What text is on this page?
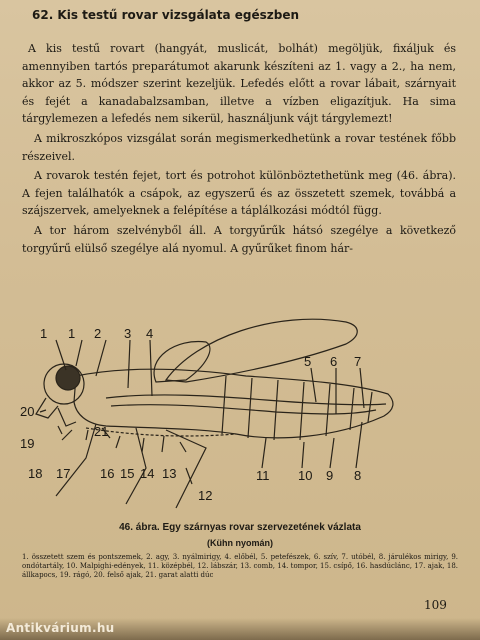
62. Kis testű rovar vizsgálata egészben

A kis testű rovart (hangyát, muslicát, bolhát) megöljük, fixáljuk és amennyiben tartós preparátumot akarunk készíteni az 1. vagy a 2., ha nem, akkor az 5. módszer szerint kezeljük. Lefedés előtt a rovar lábait, szárnyait és fejét a kanadabalzsamban, illetve a vízben eligazítjuk. Ha sima tárgylemezen a lefedés nem sikerül, használjunk vájt tárgylemezt!

A mikroszkópos vizsgálat során megismerkedhetünk a rovar testének főbb részeivel.

A rovarok testén fejet, tort és potrohot különböztethetünk meg (46. ábra). A fejen találhatók a csápok, az egyszerű és az összetett szemek, továbbá a szájszervek, amelyeknek a felépítése a táplálkozási módtól függ.

A tor három szelvényből áll. A torgyűrűk hátsó szegélye a következő torgyűrű elülső szegélye alá nyomul. A gyűrűket finom hár-

1 1 2 3 4
5 6 7
20
19
21
18 17 16 15 14 13
12
11 10 9 8
46. ábra. Egy szárnyas rovar szervezetének vázlata
(Kühn nyomán)
1. összetett szem és pontszemek, 2. agy, 3. nyálmirigy, 4. előbél, 5. petefészek, 6. szív, 7. utóbél, 8. járulékos mirigy, 9. ondótartály, 10. Malpighi-edények, 11. középbél, 12. lábszár, 13. comb, 14. tompor, 15. csípő, 16. hasdúclánc, 17. ajak, 18. állkapocs, 19. rágó, 20. felső ajak, 21. garat alatti dúc
109
Antikvárium.hu
